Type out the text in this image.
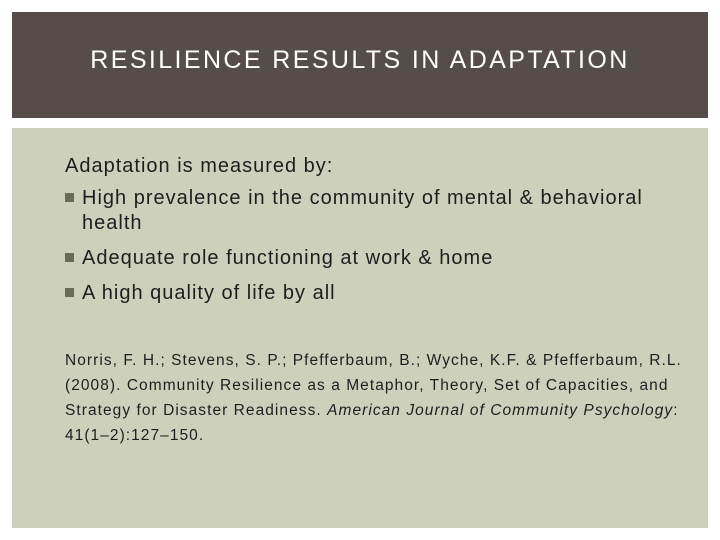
RESILIENCE RESULTS IN ADAPTATION

Adaptation is measured by:

High prevalence in the community of mental & behavioral health
Adequate role functioning at work & home
A high quality of life by all
Norris, F. H.; Stevens, S. P.; Pfefferbaum, B.; Wyche, K.F. & Pfefferbaum, R.L. (2008). Community Resilience as a Metaphor, Theory, Set of Capacities, and Strategy for Disaster Readiness. American Journal of Community Psychology: 41(1–2):127–150.
